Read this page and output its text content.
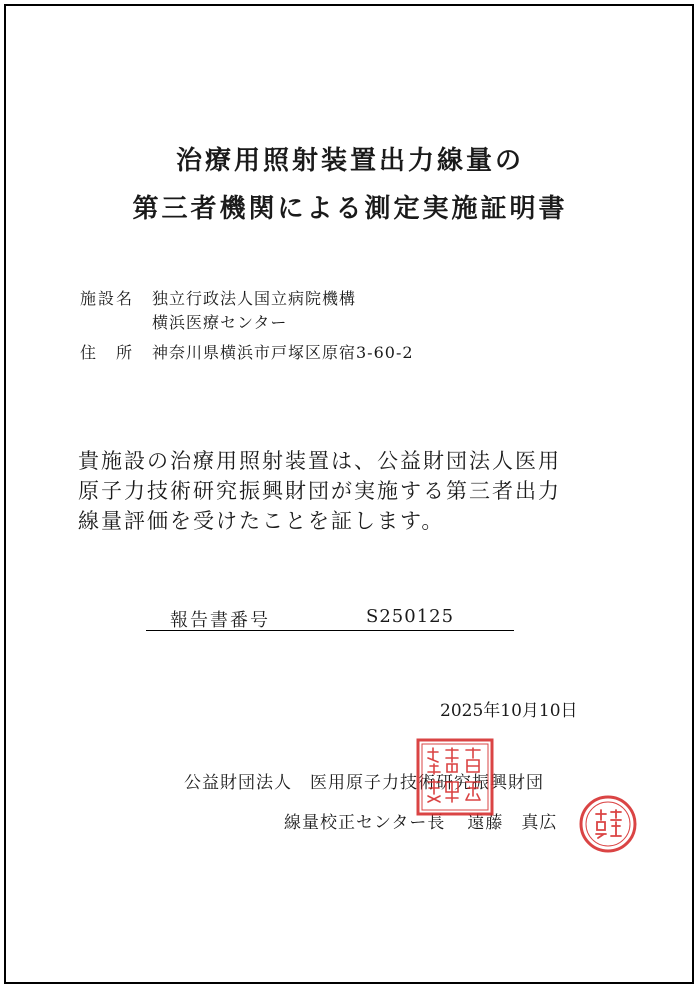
治療用照射装置出力線量の
第三者機関による測定実施証明書
施設名 独立行政法人国立病院機構
横浜医療センター
住　所 神奈川県横浜市戸塚区原宿3-60-2
貴施設の治療用照射装置は、公益財団法人医用
原子力技術研究振興財団が実施する第三者出力
線量評価を受けたことを証します。
報告書番号	S250125
2025年10月10日
公益財団法人　医用原子力技術研究振興財団
線量校正センター長 遠藤　真広
